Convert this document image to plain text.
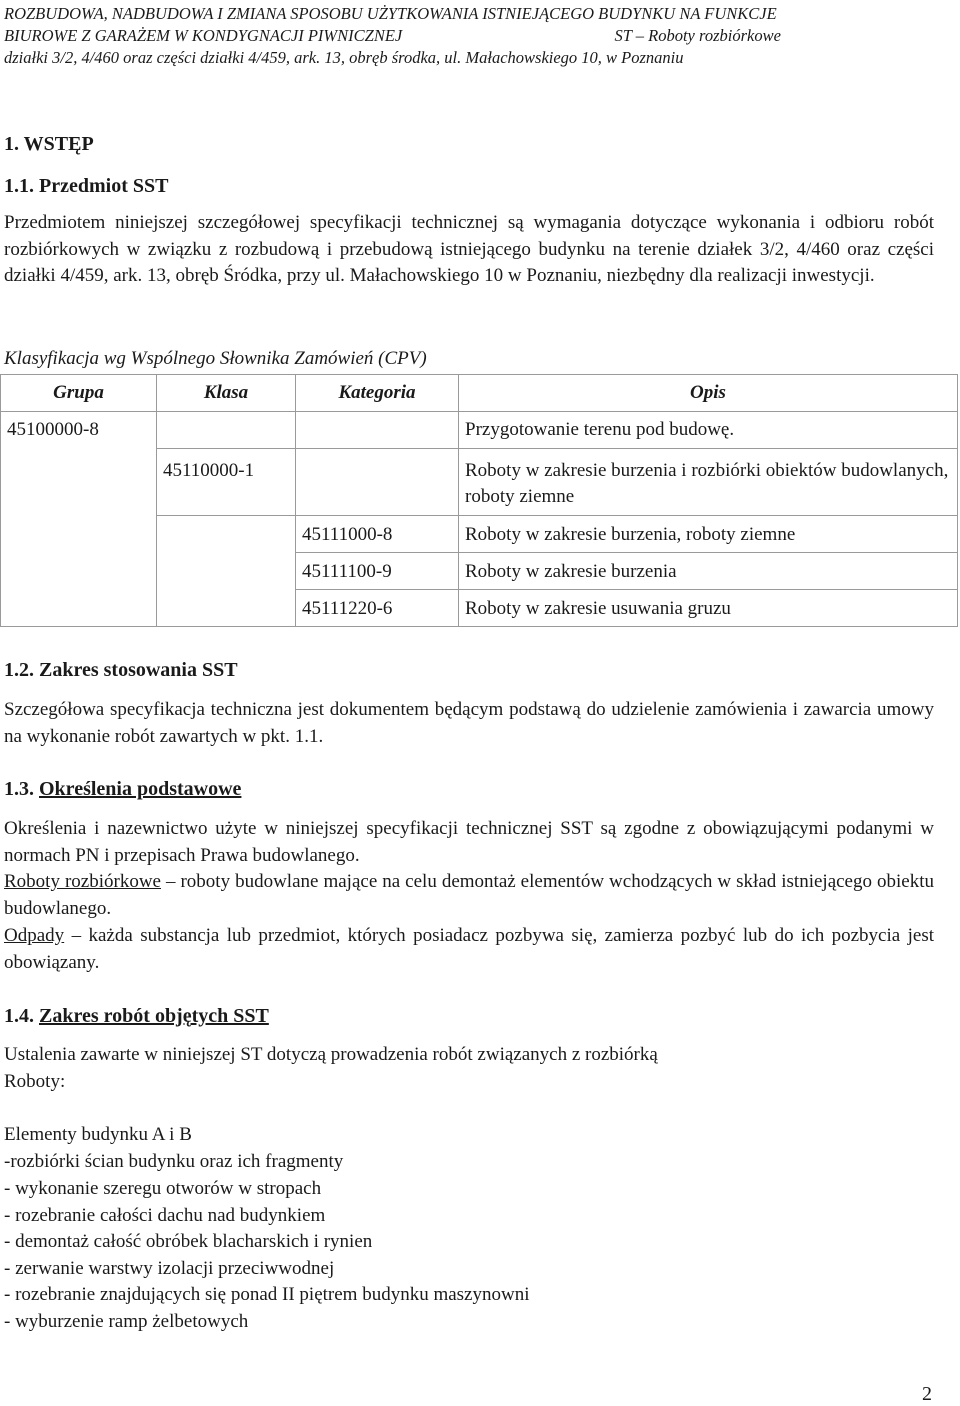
ROZBUDOWA, NADBUDOWA I ZMIANA SPOSOBU UŻYTKOWANIA ISTNIEJĄCEGO BUDYNKU NA FUNKCJE
BIUROWE Z GARAŻEM W KONDYGNACJI PIWNICZNEJ	ST – Roboty rozbiórkowe
działki 3/2, 4/460 oraz części działki 4/459, ark. 13, obręb środka, ul. Małachowskiego 10, w Poznaniu
1. WSTĘP
1.1. Przedmiot SST
Przedmiotem niniejszej szczegółowej specyfikacji technicznej są wymagania dotyczące wykonania i odbioru robót rozbiórkowych w związku z rozbudową i przebudową istniejącego budynku na terenie działek 3/2, 4/460 oraz części działki 4/459, ark. 13, obręb Śródka, przy ul. Małachowskiego 10 w Poznaniu, niezbędny dla realizacji inwestycji.
Klasyfikacja wg Wspólnego Słownika Zamówień (CPV)
Grupa	Klasa	Kategoria	Opis
45100000-8			Przygotowanie terenu pod budowę.
	45110000-1		Roboty w zakresie burzenia i rozbiórki obiektów budowlanych, roboty ziemne
		45111000-8	Roboty w zakresie burzenia, roboty ziemne
		45111100-9	Roboty w zakresie burzenia
		45111220-6	Roboty w zakresie usuwania gruzu
1.2. Zakres stosowania SST
Szczegółowa specyfikacja techniczna jest dokumentem będącym podstawą do udzielenie zamówienia i zawarcia umowy na wykonanie robót zawartych w pkt. 1.1.
1.3. Określenia podstawowe
Określenia i nazewnictwo użyte w niniejszej specyfikacji technicznej SST są zgodne z obowiązującymi podanymi w normach PN i przepisach Prawa budowlanego.
Roboty rozbiórkowe – roboty budowlane mające na celu demontaż elementów wchodzących w skład istniejącego obiektu budowlanego.
Odpady – każda substancja lub przedmiot, których posiadacz pozbywa się, zamierza pozbyć lub do ich pozbycia jest obowiązany.
1.4. Zakres robót objętych SST
Ustalenia zawarte w niniejszej ST dotyczą prowadzenia robót związanych z rozbiórką
Roboty:
Elementy budynku A i B
-rozbiórki ścian budynku oraz ich fragmenty
- wykonanie szeregu otworów w stropach
- rozebranie całości dachu nad budynkiem
- demontaż całość obróbek blacharskich i rynien
- zerwanie warstwy izolacji przeciwwodnej
- rozebranie znajdujących się ponad II piętrem budynku maszynowni
- wyburzenie ramp żelbetowych
2
